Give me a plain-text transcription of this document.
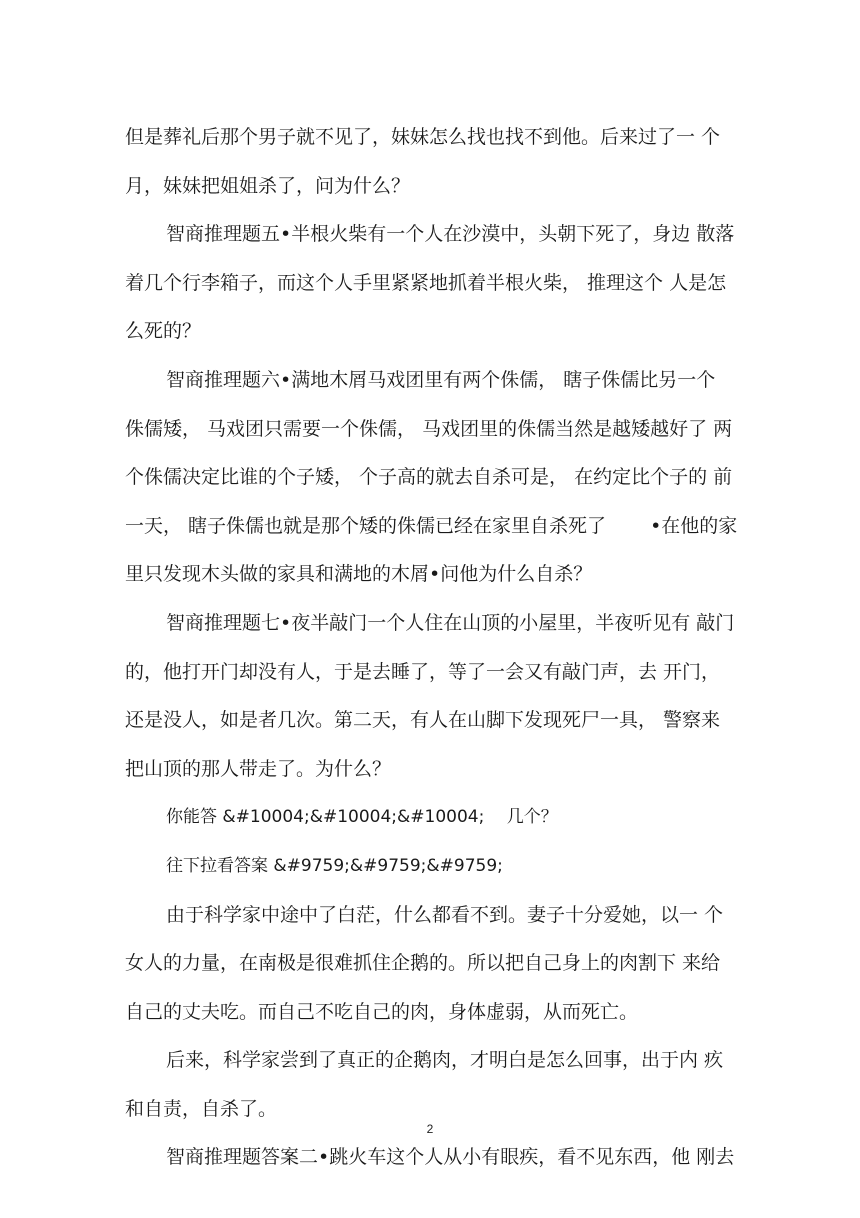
但是葬礼后那个男子就不见了，妹妹怎么找也找不到他。后来过了一 个
月，妹妹把姐姐杀了，问为什么？
智商推理题五•半根火柴有一个人在沙漠中，头朝下死了，身边 散落
着几个行李箱子，而这个人手里紧紧地抓着半根火柴， 推理这个 人是怎
么死的？
智商推理题六•满地木屑马戏团里有两个侏儒， 瞎子侏儒比另一个
侏儒矮， 马戏团只需要一个侏儒， 马戏团里的侏儒当然是越矮越好了 两
个侏儒决定比谁的个子矮， 个子高的就去自杀可是， 在约定比个子的 前
一天， 瞎子侏儒也就是那个矮的侏儒已经在家里自杀死了 　　•在他的家
里只发现木头做的家具和满地的木屑•问他为什么自杀？
智商推理题七•夜半敲门一个人住在山顶的小屋里，半夜听见有 敲门
的，他打开门却没有人，于是去睡了，等了一会又有敲门声，去 开门，
还是没人，如是者几次。第二天，有人在山脚下发现死尸一具， 警察来
把山顶的那人带走了。为什么？
你能答 &#10004;&#10004;&#10004; 　几个？
往下拉看答案 &#9759;&#9759;&#9759;
由于科学家中途中了白茫，什么都看不到。妻子十分爱她，以一 个
女人的力量，在南极是很难抓住企鹅的。所以把自己身上的肉割下 来给
自己的丈夫吃。而自己不吃自己的肉，身体虚弱，从而死亡。
后来，科学家尝到了真正的企鹅肉，才明白是怎么回事，出于内 疚
和自责，自杀了。
智商推理题答案二•跳火车这个人从小有眼疾，看不见东西，他 刚去
2
